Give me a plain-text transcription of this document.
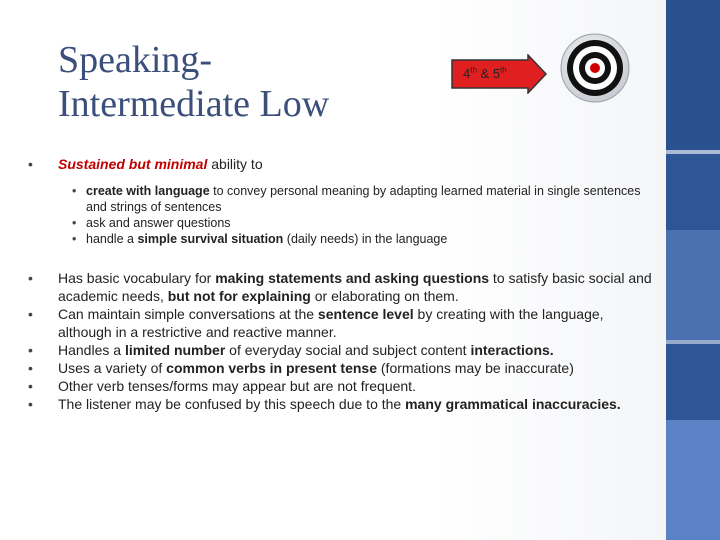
Speaking-
Intermediate Low
4th & 5th
• Sustained but minimal ability to
• create with language to convey personal meaning by adapting learned material in single sentences and strings of sentences
• ask and answer questions
• handle a simple survival situation (daily needs) in the language
• Has basic vocabulary for making statements and asking questions to satisfy basic social and academic needs, but not for explaining or elaborating on them.
• Can maintain simple conversations at the sentence level by creating with the language, although in a restrictive and reactive manner.
• Handles a limited number of everyday social and subject content interactions.
• Uses a variety of common verbs in present tense (formations may be inaccurate)
• Other verb tenses/forms may appear but are not frequent.
• The listener may be confused by this speech due to the many grammatical inaccuracies.
